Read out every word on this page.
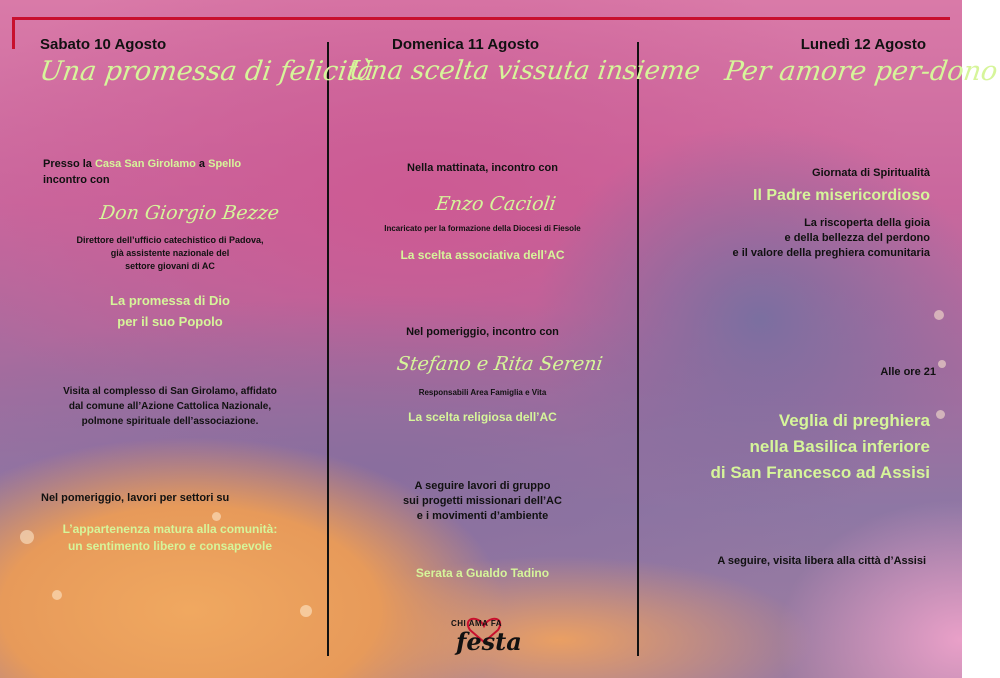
Sabato 10 Agosto
Una promessa di felicità
Presso la Casa San Girolamo a Spello
incontro con
Don Giorgio Bezze
Direttore dell’ufficio catechistico di Padova,
già assistente nazionale del
settore giovani di AC
La promessa di Dio
per il suo Popolo
Visita al complesso di San Girolamo, affidato
dal comune all’Azione Cattolica Nazionale,
polmone spirituale dell’associazione.
Nel pomeriggio, lavori per settori su
L’appartenenza matura alla comunità:
un sentimento libero e consapevole
Domenica 11 Agosto
Una scelta vissuta insieme
Nella mattinata, incontro con
Enzo Cacioli
Incaricato per la formazione della Diocesi di Fiesole
La scelta associativa dell’AC
Nel pomeriggio, incontro con
Stefano e Rita Sereni
Responsabili Area Famiglia e Vita
La scelta religiosa dell’AC
A seguire lavori di gruppo
sui progetti missionari dell’AC
e i movimenti d’ambiente
Serata a Gualdo Tadino
CHI AMA FA
festa
Lunedì 12 Agosto
Per amore per-dono
Giornata di Spiritualità
Il Padre misericordioso
La riscoperta della gioia
e della bellezza del perdono
e il valore della preghiera comunitaria
Alle ore 21
Veglia di preghiera
nella Basilica inferiore
di San Francesco ad Assisi
A seguire, visita libera alla città d’Assisi
